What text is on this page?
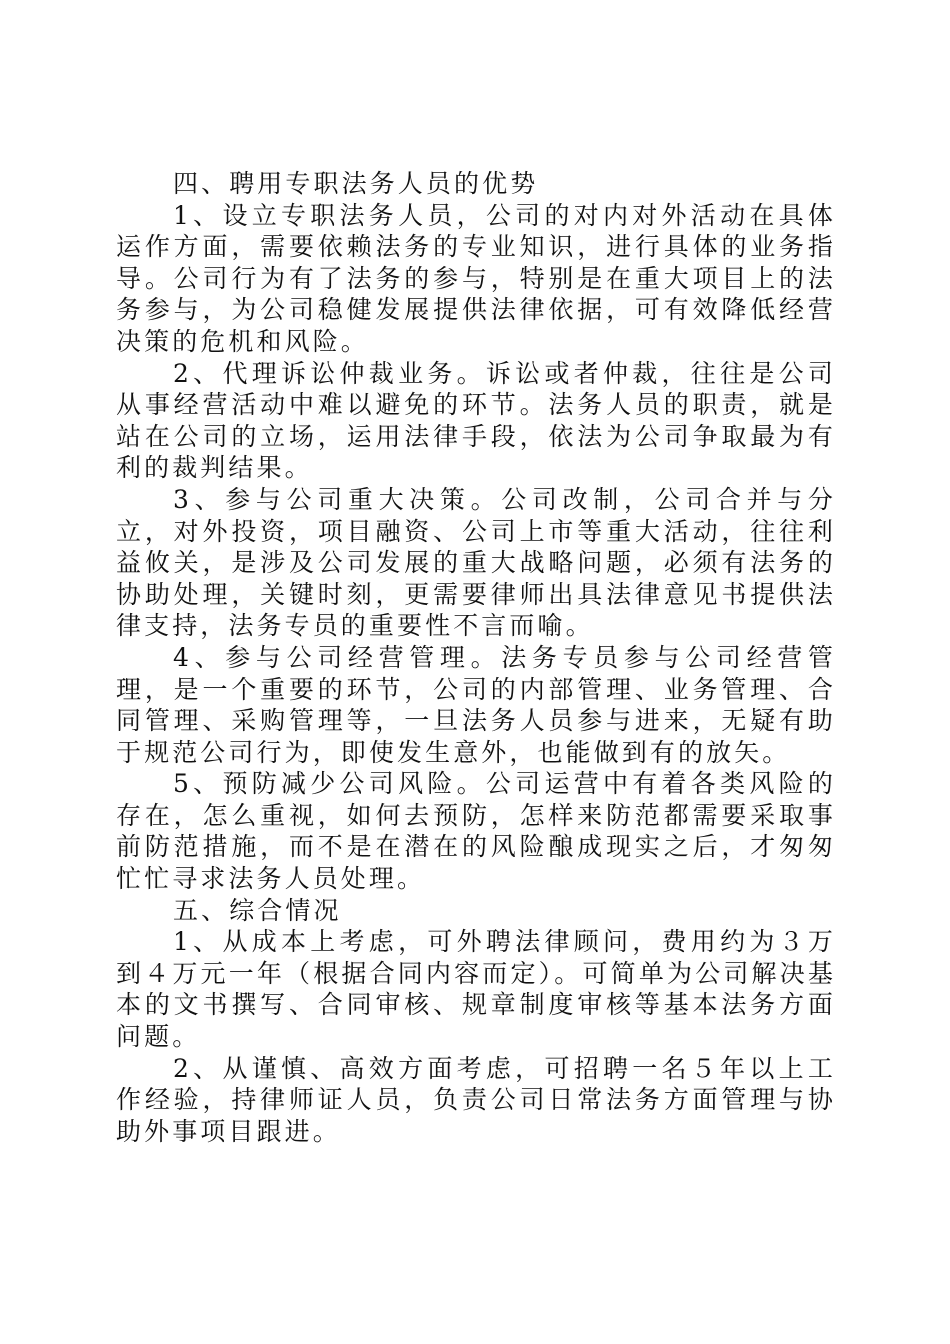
四、聘用专职法务人员的优势

1、设立专职法务人员，公司的对内对外活动在具体运作方面，需要依赖法务的专业知识，进行具体的业务指导。公司行为有了法务的参与，特别是在重大项目上的法务参与，为公司稳健发展提供法律依据，可有效降低经营决策的危机和风险。

2、代理诉讼仲裁业务。诉讼或者仲裁，往往是公司从事经营活动中难以避免的环节。法务人员的职责，就是站在公司的立场，运用法律手段，依法为公司争取最为有利的裁判结果。

3、参与公司重大决策。公司改制，公司合并与分立，对外投资，项目融资、公司上市等重大活动，往往利益攸关，是涉及公司发展的重大战略问题，必须有法务的协助处理，关键时刻，更需要律师出具法律意见书提供法律支持，法务专员的重要性不言而喻。

4、参与公司经营管理。法务专员参与公司经营管理，是一个重要的环节，公司的内部管理、业务管理、合同管理、采购管理等，一旦法务人员参与进来，无疑有助于规范公司行为，即使发生意外，也能做到有的放矢。

5、预防减少公司风险。公司运营中有着各类风险的存在，怎么重视，如何去预防，怎样来防范都需要采取事前防范措施，而不是在潜在的风险酿成现实之后，才匆匆忙忙寻求法务人员处理。

五、综合情况

1、从成本上考虑，可外聘法律顾问，费用约为３万到４万元一年（根据合同内容而定）。可简单为公司解决基本的文书撰写、合同审核、规章制度审核等基本法务方面问题。

2、从谨慎、高效方面考虑，可招聘一名５年以上工作经验，持律师证人员，负责公司日常法务方面管理与协助外事项目跟进。
